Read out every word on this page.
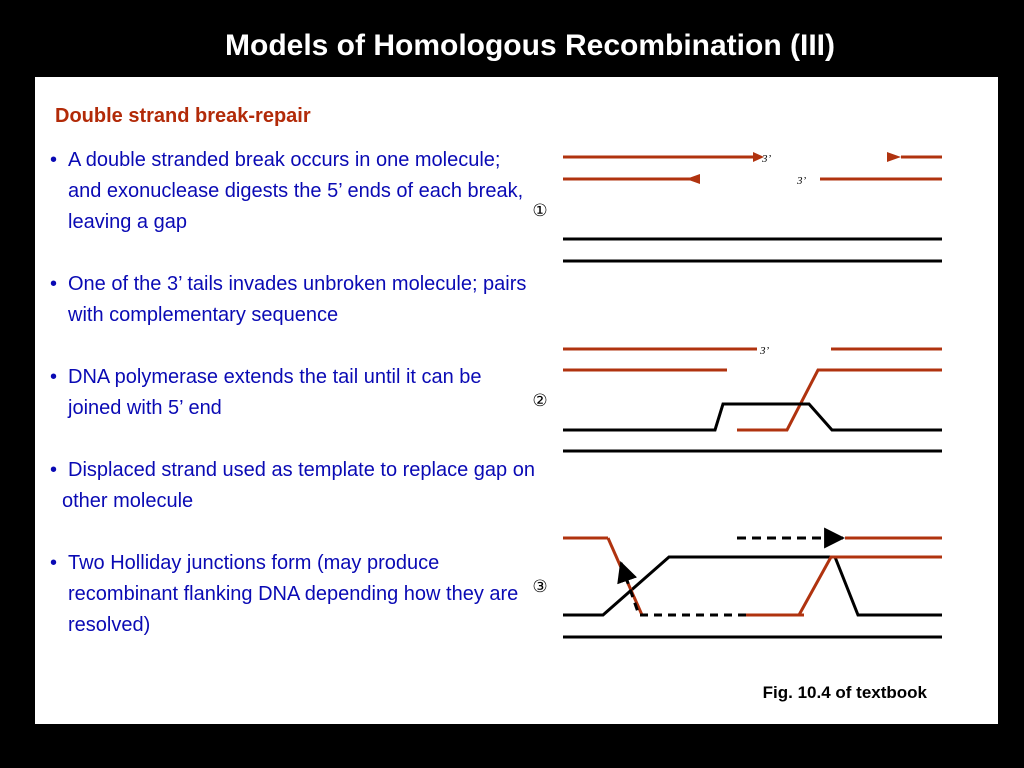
Models of Homologous Recombination (III)
Double strand break-repair
• A double stranded break occurs in one molecule; and exonuclease digests the 5’ ends of each break, leaving a gap
• One of the 3’ tails invades unbroken molecule; pairs with complementary sequence
• DNA polymerase extends the tail until it can be joined with 5’ end
• Displaced strand used as template to replace gap on other molecule
• Two Holliday junctions form (may produce recombinant flanking DNA depending how they are resolved)
①
②
③
3’
3’
3’
Fig. 10.4 of textbook
